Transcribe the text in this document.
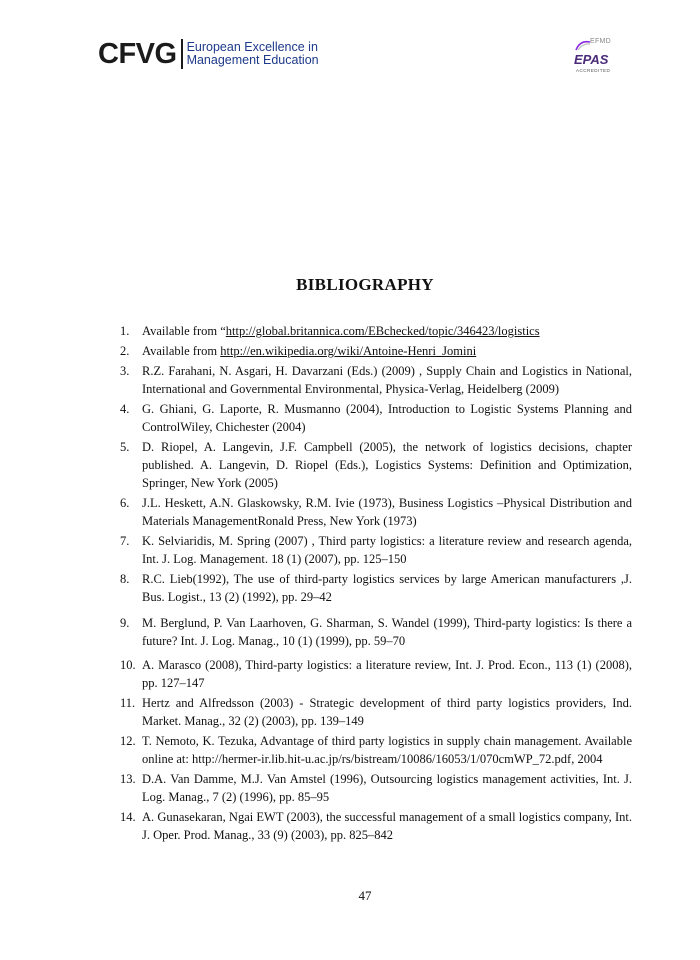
CFVG European Excellence in
Management Education
EFMD
EPAS
ACCREDITED
BIBLIOGRAPHY
1. Available from “http://global.britannica.com/EBchecked/topic/346423/logistics
2. Available from http://en.wikipedia.org/wiki/Antoine-Henri_Jomini
3. R.Z. Farahani, N. Asgari, H. Davarzani (Eds.) (2009) , Supply Chain and Logistics in National, International and Governmental Environmental, Physica-Verlag, Heidelberg (2009)
4. G. Ghiani, G. Laporte, R. Musmanno (2004), Introduction to Logistic Systems Planning and ControlWiley, Chichester (2004)
5. D. Riopel, A. Langevin, J.F. Campbell (2005), the network of logistics decisions, chapter published. A. Langevin, D. Riopel (Eds.), Logistics Systems: Definition and Optimization, Springer, New York (2005)
6. J.L. Heskett, A.N. Glaskowsky, R.M. Ivie (1973), Business Logistics –Physical Distribution and Materials ManagementRonald Press, New York (1973)
7. K. Selviaridis, M. Spring (2007) , Third party logistics: a literature review and research agenda, Int. J. Log. Management. 18 (1) (2007), pp. 125–150
8. R.C. Lieb(1992), The use of third-party logistics services by large American manufacturers ,J. Bus. Logist., 13 (2) (1992), pp. 29–42
9. M. Berglund, P. Van Laarhoven, G. Sharman, S. Wandel (1999), Third-party logistics: Is there a future? Int. J. Log. Manag., 10 (1) (1999), pp. 59–70
10. A. Marasco (2008), Third-party logistics: a literature review, Int. J. Prod. Econ., 113 (1) (2008), pp. 127–147
11. Hertz and Alfredsson (2003) - Strategic development of third party logistics providers, Ind. Market. Manag., 32 (2) (2003), pp. 139–149
12. T. Nemoto, K. Tezuka, Advantage of third party logistics in supply chain management. Available online at: http://hermer-ir.lib.hit-u.ac.jp/rs/bistream/10086/16053/1/070cmWP_72.pdf, 2004
13. D.A. Van Damme, M.J. Van Amstel (1996), Outsourcing logistics management activities, Int. J. Log. Manag., 7 (2) (1996), pp. 85–95
14. A. Gunasekaran, Ngai EWT (2003), the successful management of a small logistics company, Int. J. Oper. Prod. Manag., 33 (9) (2003), pp. 825–842
47
